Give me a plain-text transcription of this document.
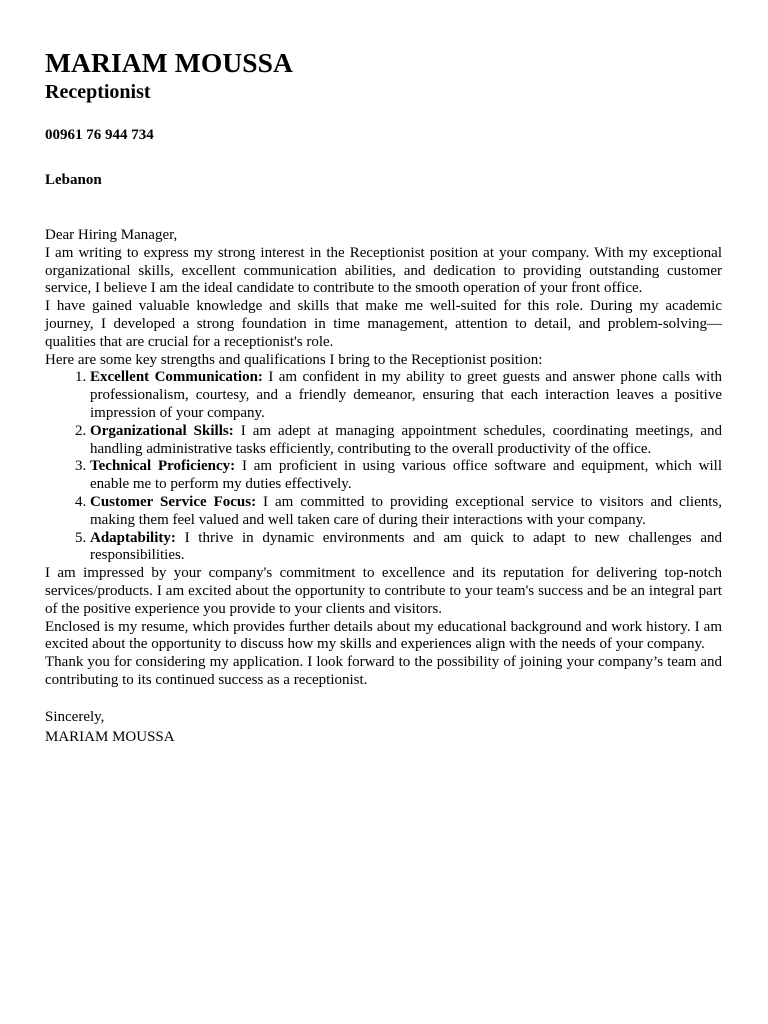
MARIAM MOUSSA
Receptionist
00961 76 944 734
Lebanon

Dear Hiring Manager,

I am writing to express my strong interest in the Receptionist position at your company. With my exceptional organizational skills, excellent communication abilities, and dedication to providing outstanding customer service, I believe I am the ideal candidate to contribute to the smooth operation of your front office.

I have gained valuable knowledge and skills that make me well-suited for this role. During my academic journey, I developed a strong foundation in time management, attention to detail, and problem-solving—qualities that are crucial for a receptionist's role.

Here are some key strengths and qualifications I bring to the Receptionist position:

1. Excellent Communication: I am confident in my ability to greet guests and answer phone calls with professionalism, courtesy, and a friendly demeanor, ensuring that each interaction leaves a positive impression of your company.
2. Organizational Skills: I am adept at managing appointment schedules, coordinating meetings, and handling administrative tasks efficiently, contributing to the overall productivity of the office.
3. Technical Proficiency: I am proficient in using various office software and equipment, which will enable me to perform my duties effectively.
4. Customer Service Focus: I am committed to providing exceptional service to visitors and clients, making them feel valued and well taken care of during their interactions with your company.
5. Adaptability: I thrive in dynamic environments and am quick to adapt to new challenges and responsibilities.

I am impressed by your company's commitment to excellence and its reputation for delivering top-notch services/products. I am excited about the opportunity to contribute to your team's success and be an integral part of the positive experience you provide to your clients and visitors.

Enclosed is my resume, which provides further details about my educational background and work history. I am excited about the opportunity to discuss how my skills and experiences align with the needs of your company.

Thank you for considering my application. I look forward to the possibility of joining your company’s team and contributing to its continued success as a receptionist.

Sincerely,
MARIAM MOUSSA
